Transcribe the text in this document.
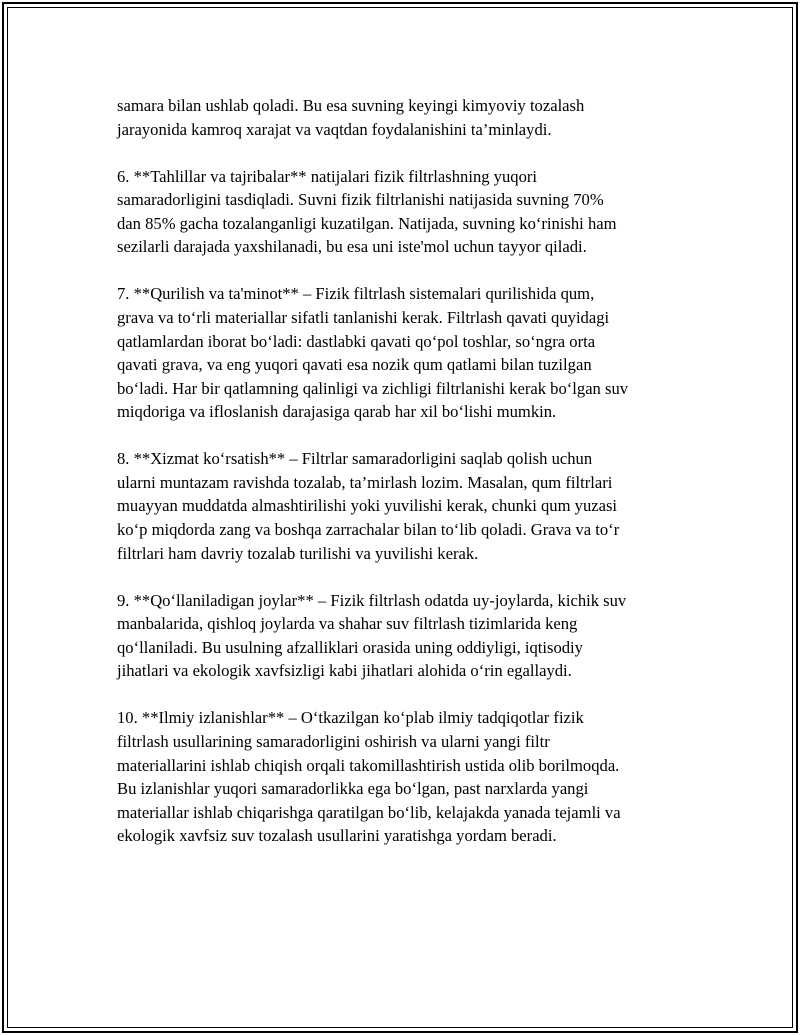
samara bilan ushlab qoladi. Bu esa suvning keyingi kimyoviy tozalash
jarayonida kamroq xarajat va vaqtdan foydalanishini ta’minlaydi.
6. **Tahlillar va tajribalar** natijalari fizik filtrlashning yuqori
samaradorligini tasdiqladi. Suvni fizik filtrlanishi natijasida suvning 70%
dan 85% gacha tozalanganligi kuzatilgan. Natijada, suvning ko‘rinishi ham
sezilarli darajada yaxshilanadi, bu esa uni iste'mol uchun tayyor qiladi.
7. **Qurilish va ta'minot** – Fizik filtrlash sistemalari qurilishida qum,
grava va to‘rli materiallar sifatli tanlanishi kerak. Filtrlash qavati quyidagi
qatlamlardan iborat bo‘ladi: dastlabki qavati qo‘pol toshlar, so‘ngra orta
qavati grava, va eng yuqori qavati esa nozik qum qatlami bilan tuzilgan
bo‘ladi. Har bir qatlamning qalinligi va zichligi filtrlanishi kerak bo‘lgan suv
miqdoriga va ifloslanish darajasiga qarab har xil bo‘lishi mumkin.
8. **Xizmat ko‘rsatish** – Filtrlar samaradorligini saqlab qolish uchun
ularni muntazam ravishda tozalab, ta’mirlash lozim. Masalan, qum filtrlari
muayyan muddatda almashtirilishi yoki yuvilishi kerak, chunki qum yuzasi
ko‘p miqdorda zang va boshqa zarrachalar bilan to‘lib qoladi. Grava va to‘r
filtrlari ham davriy tozalab turilishi va yuvilishi kerak.
9. **Qo‘llaniladigan joylar** – Fizik filtrlash odatda uy-joylarda, kichik suv
manbalarida, qishloq joylarda va shahar suv filtrlash tizimlarida keng
qo‘llaniladi. Bu usulning afzalliklari orasida uning oddiyligi, iqtisodiy
jihatlari va ekologik xavfsizligi kabi jihatlari alohida o‘rin egallaydi.
10. **Ilmiy izlanishlar** – O‘tkazilgan ko‘plab ilmiy tadqiqotlar fizik
filtrlash usullarining samaradorligini oshirish va ularni yangi filtr
materiallarini ishlab chiqish orqali takomillashtirish ustida olib borilmoqda.
Bu izlanishlar yuqori samaradorlikka ega bo‘lgan, past narxlarda yangi
materiallar ishlab chiqarishga qaratilgan bo‘lib, kelajakda yanada tejamli va
ekologik xavfsiz suv tozalash usullarini yaratishga yordam beradi.
